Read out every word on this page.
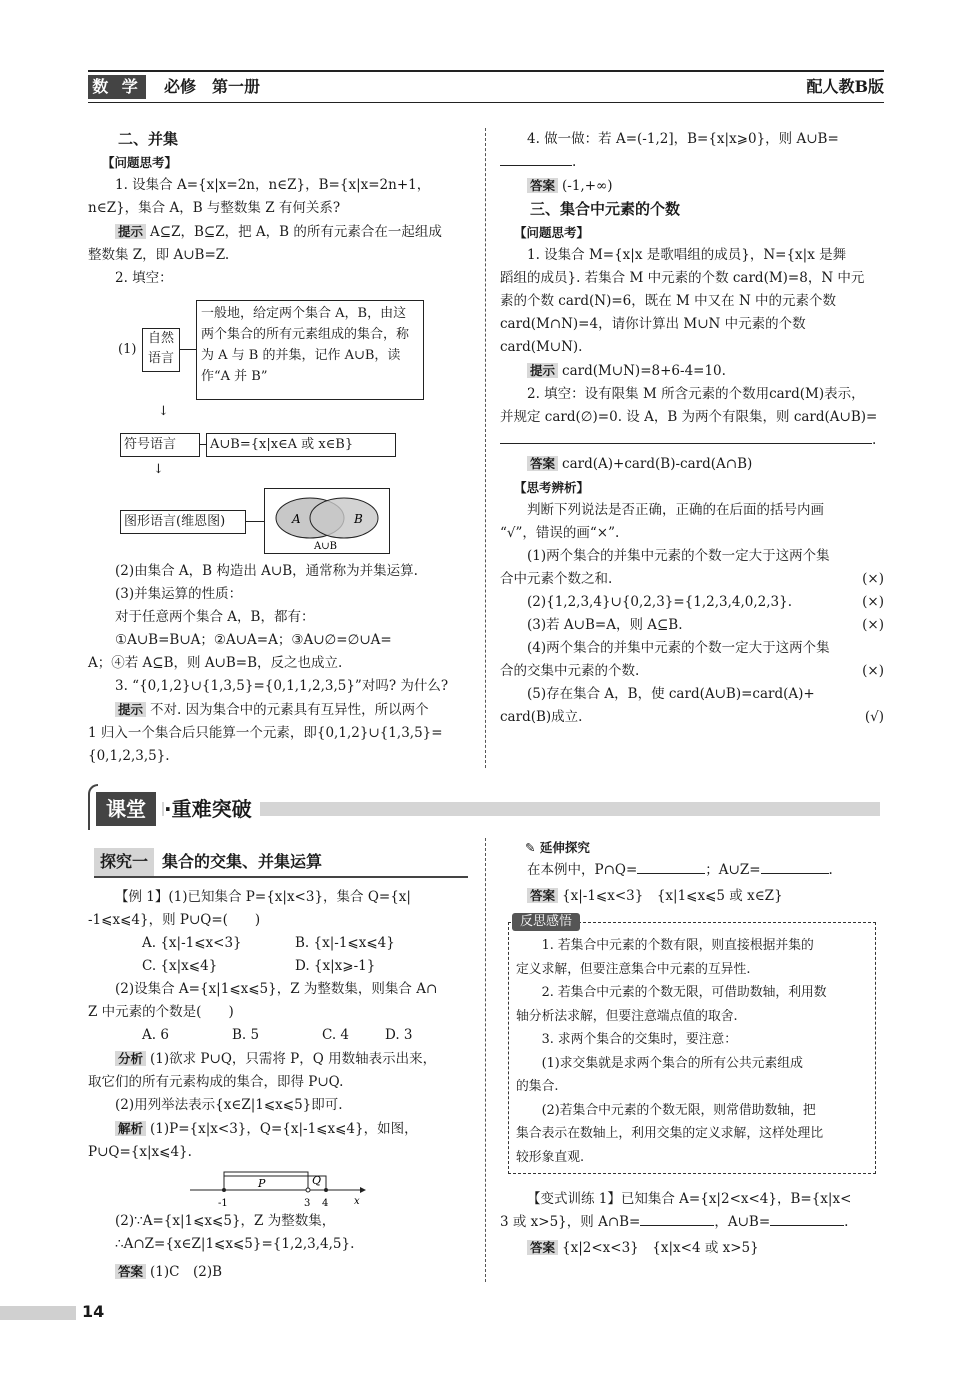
数 学 必修　第一册	配人教B版

二、并集

【问题思考】

1. 设集合 A={x|x=2n，n∈Z}，B={x|x=2n+1，

n∈Z}，集合 A，B 与整数集 Z 有何关系?

提示 A⊆Z，B⊆Z，把 A，B 的所有元素合在一起组成

整数集 Z，即 A∪B=Z.

2. 填空：

(1)
自然语言
一般地，给定两个集合 A，B，由这两个集合的所有元素组成的集合，称为 A 与 B 的并集，记作 A∪B，读作“A 并 B”
↓
符号语言	A∪B={x|x∈A 或 x∈B}
↓
图形语言(维恩图)	A	B
A∪B

(2)由集合 A，B 构造出 A∪B，通常称为并集运算.

(3)并集运算的性质：

对于任意两个集合 A，B，都有：

①A∪B=B∪A；②A∪A=A；③A∪∅=∅∪A=

A；④若 A⊆B，则 A∪B=B，反之也成立.

3. “{0,1,2}∪{1,3,5}={0,1,1,2,3,5}”对吗? 为什么?

提示 不对. 因为集合中的元素具有互异性，所以两个

1 归入一个集合后只能算一个元素，即{0,1,2}∪{1,3,5}=

{0,1,2,3,5}.

4. 做一做：若 A=(-1,2]，B={x|x⩾0}，则 A∪B=

.

答案 (-1,+∞)

三、集合中元素的个数

【问题思考】

1. 设集合 M={x|x 是歌唱组的成员}，N={x|x 是舞

蹈组的成员}. 若集合 M 中元素的个数 card(M)=8，N 中元

素的个数 card(N)=6，既在 M 中又在 N 中的元素个数

card(M∩N)=4，请你计算出 M∪N 中元素的个数

card(M∪N).

提示 card(M∪N)=8+6-4=10.

2. 填空：设有限集 M 所含元素的个数用card(M)表示，

并规定 card(∅)=0. 设 A，B 为两个有限集，则 card(A∪B)=

.

答案 card(A)+card(B)-card(A∩B)

【思考辨析】

判断下列说法是否正确，正确的在后面的括号内画

“√”，错误的画“×”.

(1)两个集合的并集中元素的个数一定大于这两个集

合中元素个数之和.	(×)

(2){1,2,3,4}∪{0,2,3}={1,2,3,4,0,2,3}.	(×)

(3)若 A∪B=A，则 A⊆B.	(×)

(4)两个集合的并集中元素的个数一定大于这两个集

合的交集中元素的个数.	(×)

(5)存在集合 A，B，使 card(A∪B)=card(A)+

card(B)成立.	(√)

课堂 ·重难突破
探究一 集合的交集、并集运算

【例 1】(1)已知集合 P={x|x<3}，集合 Q={x|

-1⩽x⩽4}，则 P∪Q=(　　)

A. {x|-1⩽x<3}	B. {x|-1⩽x⩽4}

C. {x|x⩽4}	D. {x|x⩾-1}

(2)设集合 A={x|1⩽x⩽5}，Z 为整数集，则集合 A∩

Z 中元素的个数是(　　)

A. 6	B. 5	C. 4	D. 3

分析 (1)欲求 P∪Q，只需将 P，Q 用数轴表示出来，

取它们的所有元素构成的集合，即得 P∪Q.

(2)用列举法表示{x∈Z|1⩽x⩽5}即可.

解析 (1)P={x|x<3}，Q={x|-1⩽x⩽4}，如图，

P∪Q={x|x⩽4}.

P	Q
-1	3 4	x

(2)∵A={x|1⩽x⩽5}，Z 为整数集，

∴A∩Z={x∈Z|1⩽x⩽5}={1,2,3,4,5}.

答案 (1)C　(2)B

✎ 延伸探究

在本例中，P∩Q=	；A∪Z=	.

答案 {x|-1⩽x<3}　{x|1⩽x⩽5 或 x∈Z}

反思感悟

1. 若集合中元素的个数有限，则直接根据并集的

定义求解，但要注意集合中元素的互异性.

2. 若集合中元素的个数无限，可借助数轴，利用数

轴分析法求解，但要注意端点值的取舍.

3. 求两个集合的交集时，要注意：

(1)求交集就是求两个集合的所有公共元素组成

的集合.

(2)若集合中元素的个数无限，则常借助数轴，把

集合表示在数轴上，利用交集的定义求解，这样处理比

较形象直观.

【变式训练 1】已知集合 A={x|2<x<4}，B={x|x<

3 或 x>5}，则 A∩B=	，A∪B=	.

答案 {x|2<x<3}　{x|x<4 或 x>5}

14
